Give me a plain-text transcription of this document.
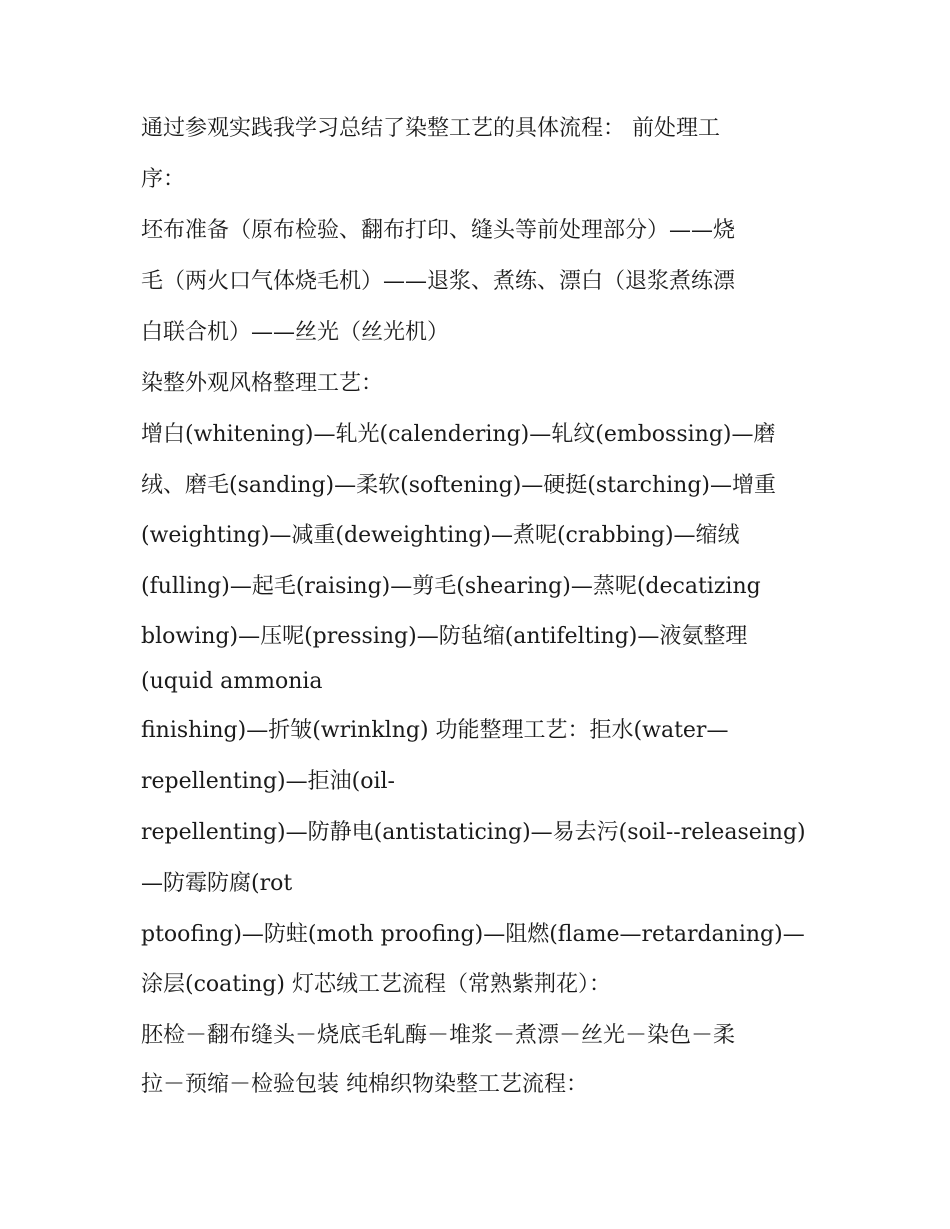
通过参观实践我学习总结了染整工艺的具体流程： 前处理工
序：
坯布准备（原布检验、翻布打印、缝头等前处理部分）——烧
毛（两火口气体烧毛机）——退浆、煮练、漂白（退浆煮练漂
白联合机）——丝光（丝光机）
染整外观风格整理工艺：
增白(whitening)—轧光(calendering)—轧纹(embossing)—磨
绒、磨毛(sanding)—柔软(softening)—硬挺(starching)—增重
(weighting)—减重(deweighting)—煮呢(crabbing)—缩绒
(fulling)—起毛(raising)—剪毛(shearing)—蒸呢(decatizing
blowing)—压呢(pressing)—防毡缩(antifelting)—液氨整理
(uquid ammonia
finishing)—折皱(wrinklng) 功能整理工艺：拒水(water—
repellenting)—拒油(oil-
repellenting)—防静电(antistaticing)—易去污(soil--releaseing)
—防霉防腐(rot
ptoofing)—防蛀(moth proofing)—阻燃(flame—retardaning)—
涂层(coating) 灯芯绒工艺流程（常熟紫荆花）：
胚检－翻布缝头－烧底毛轧酶－堆浆－煮漂－丝光－染色－柔
拉－预缩－检验包装 纯棉织物染整工艺流程：
